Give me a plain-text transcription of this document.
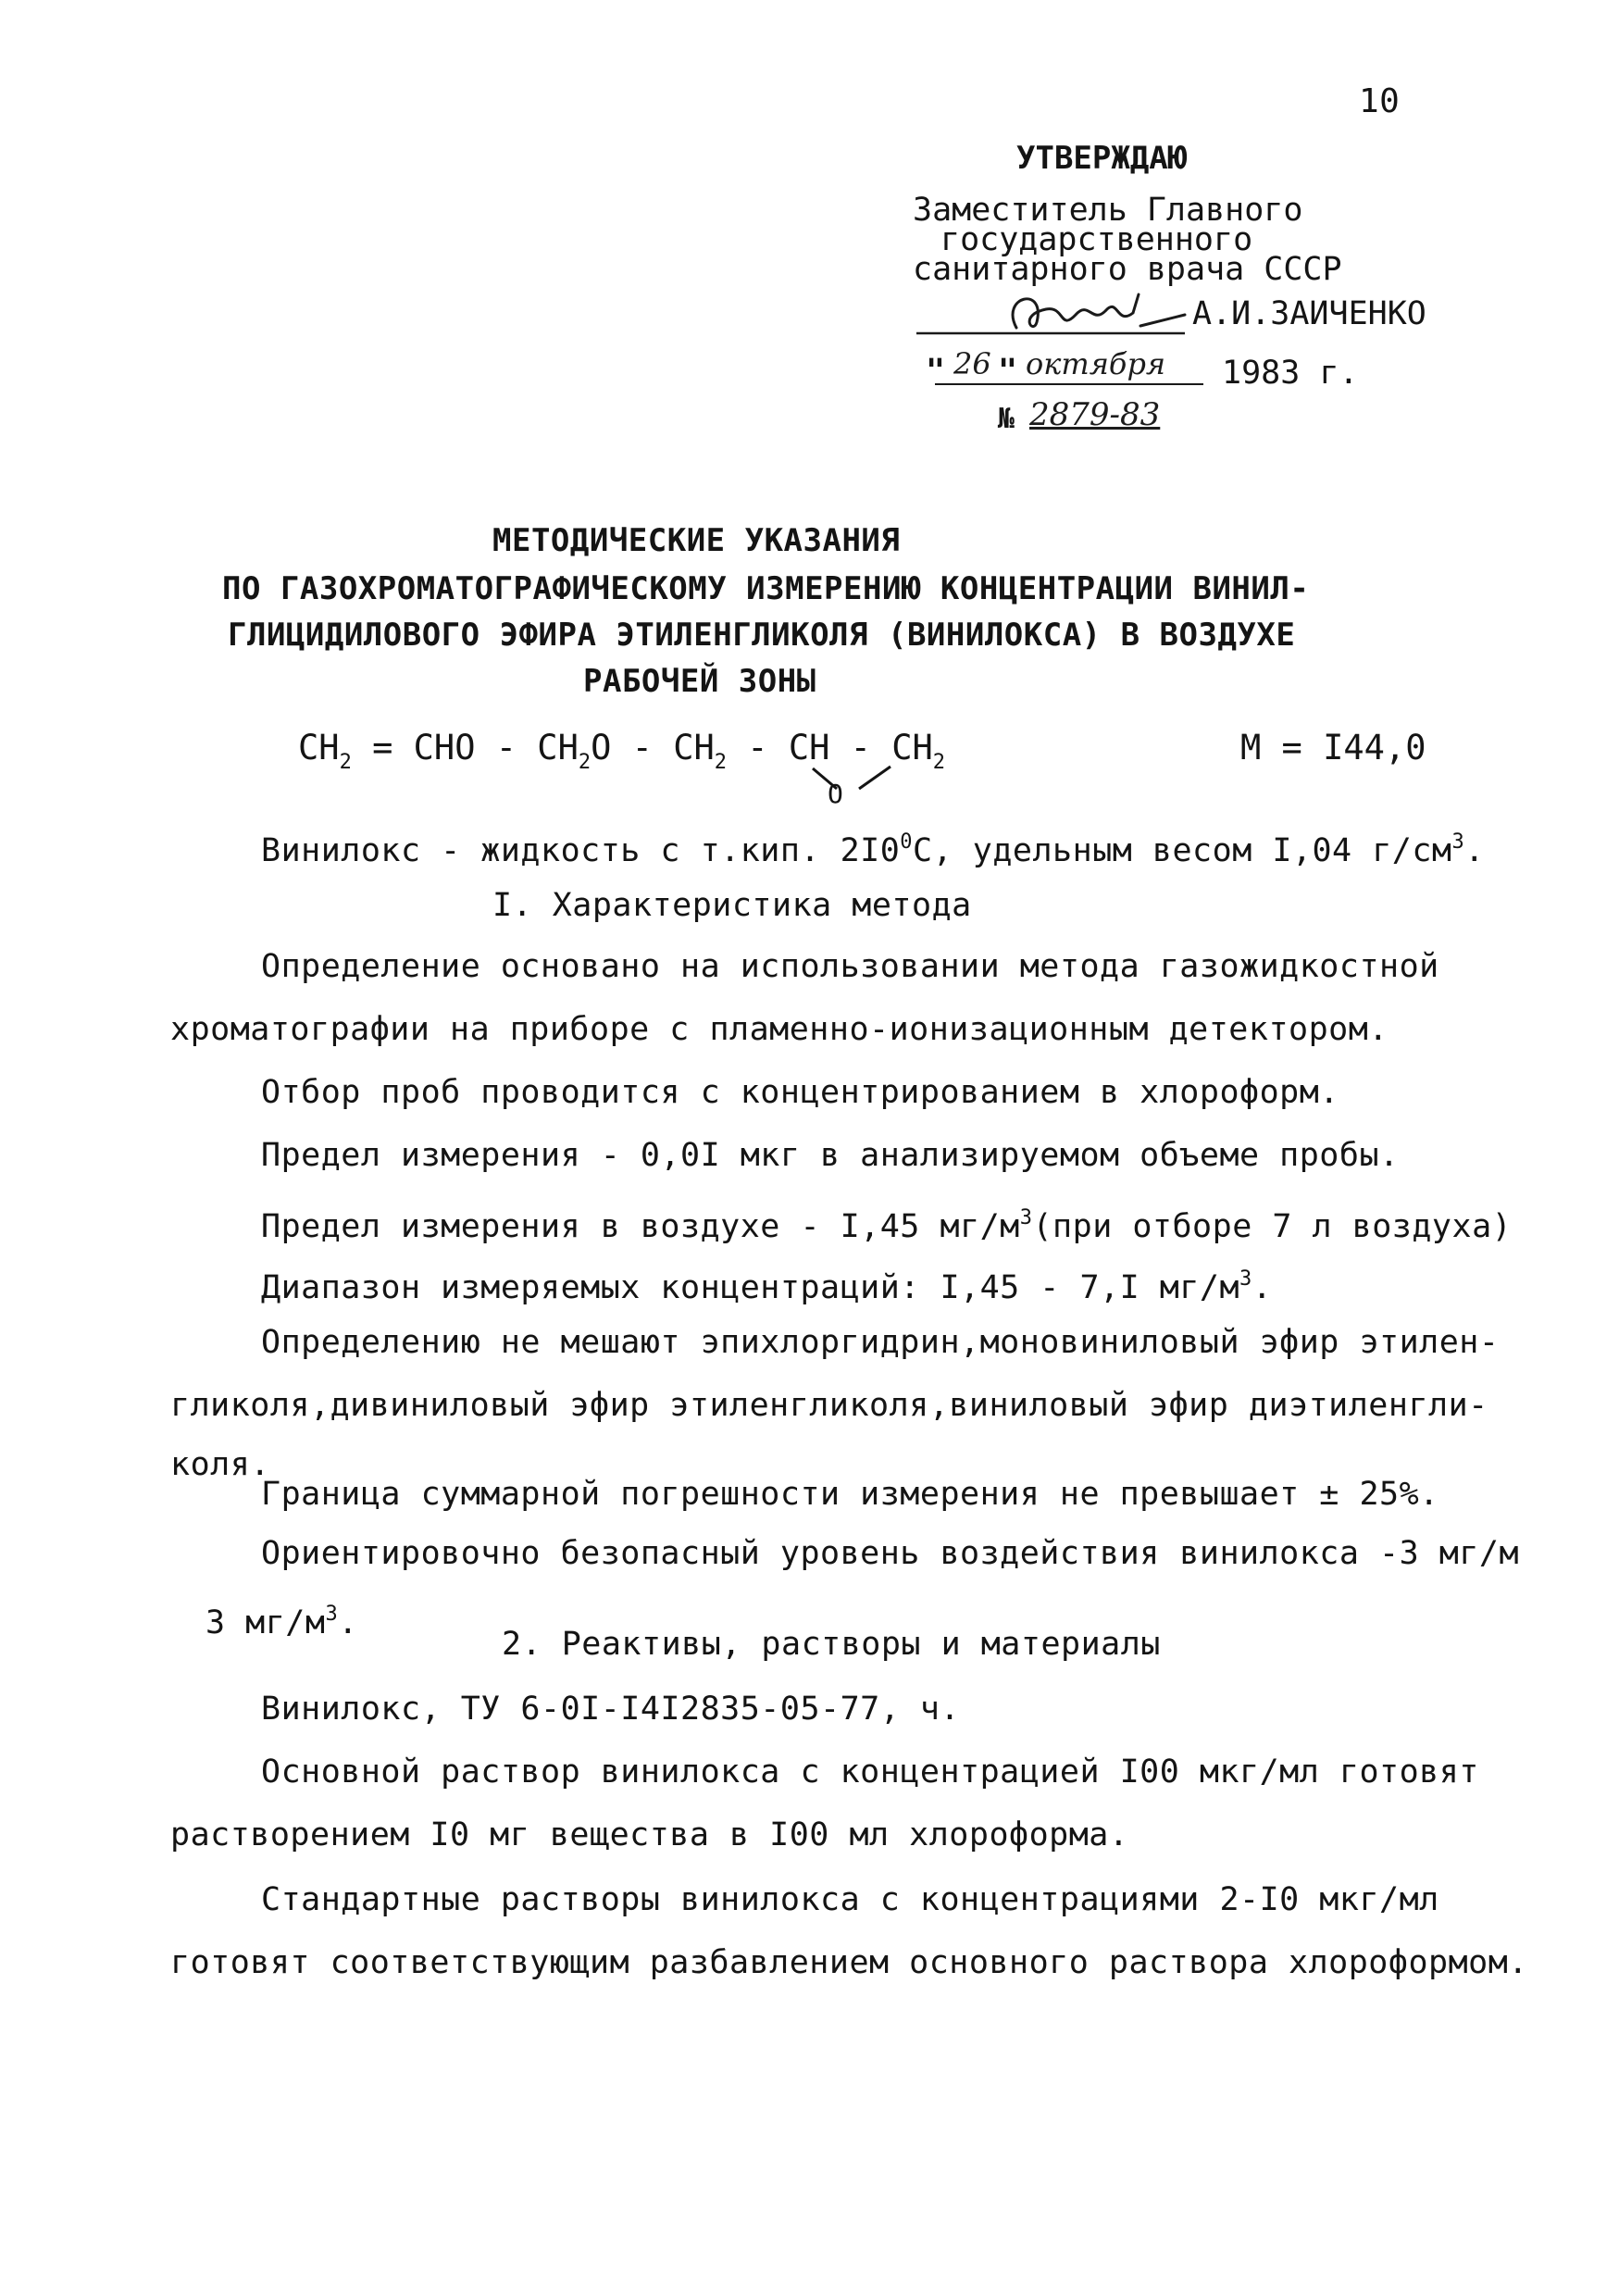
10
УТВЕРЖДАЮ
Заместитель Главного
государственного
санитарного врача СССР
А.И.ЗАИЧЕНКО
" 26 " октября 1983 г.
№ 2879-83
МЕТОДИЧЕСКИЕ УКАЗАНИЯ
ПО ГАЗОХРОМАТОГРАФИЧЕСКОМУ ИЗМЕРЕНИЮ КОНЦЕНТРАЦИИ ВИНИЛ-
ГЛИЦИДИЛОВОГО ЭФИРА ЭТИЛЕНГЛИКОЛЯ (ВИНИЛОКСА) В ВОЗДУХЕ
РАБОЧЕЙ ЗОНЫ
$CH_2$ = CHO - $CH_2O - CH_2$ - CH - $CH_2$
O
M = I44,0
Винилокс - жидкость с т.кип. $2I0^0C$, удельным весом I,04 $г/см^3$.
I. Характеристика метода
Определение основано на использовании метода газожидкостной
хроматографии на приборе с пламенно-ионизационным детектором.
Отбор проб проводится с концентрированием в хлороформ.
Предел измерения - 0,0I мкг в анализируемом объеме пробы.
Предел измерения в воздухе - I,45 $мг/м^3(при$ отборе 7 л воздуха)
Диапазон измеряемых концентраций: I,45 - 7,I $мг/м^3$.
Определению не мешают эпихлоргидрин,моновиниловый эфир этилен-
гликоля,дивиниловый эфир этиленгликоля,виниловый эфир диэтиленгли-
коля.
Граница суммарной погрешности измерения не превышает ± 25%.
Ориентировочно безопасный уровень воздействия винилокса -3 мг/м
3 $мг/м^3$.
2. Реактивы, растворы и материалы
Винилокс, ТУ 6-0I-I4I2835-05-77, ч.
Основной раствор винилокса с концентрацией I00 мкг/мл готовят
растворением I0 мг вещества в I00 мл хлороформа.
Стандартные растворы винилокса с концентрациями 2-I0 мкг/мл
готовят соответствующим разбавлением основного раствора хлороформом.
